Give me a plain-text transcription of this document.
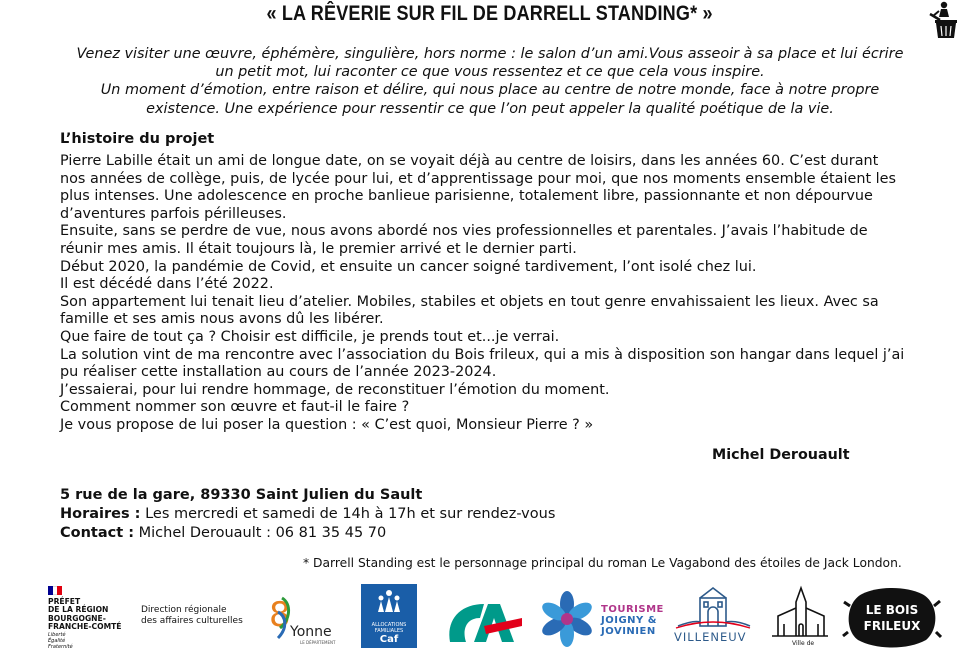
« LA RÊVERIE SUR FIL DE DARRELL STANDING* »
Venez visiter une œuvre, éphémère, singulière, hors norme : le salon d’un ami.Vous asseoir à sa place et lui écrire
un petit mot, lui raconter ce que vous ressentez et ce que cela vous inspire.
Un moment d’émotion, entre raison et délire, qui nous place au centre de notre monde, face à notre propre
existence. Une expérience pour ressentir ce que l’on peut appeler la qualité poétique de la vie.
L’histoire du projet

Pierre Labille était un ami de longue date, on se voyait déjà au centre de loisirs, dans les années 60. C’est durant

nos années de collège, puis, de lycée pour lui, et d’apprentissage pour moi, que nos moments ensemble étaient les

plus intenses. Une adolescence en proche banlieue parisienne, totalement libre, passionnante et non dépourvue

d’aventures parfois périlleuses.

Ensuite, sans se perdre de vue, nous avons abordé nos vies professionnelles et parentales. J’avais l’habitude de

réunir mes amis. Il était toujours là, le premier arrivé et le dernier parti.

Début 2020, la pandémie de Covid, et ensuite un cancer soigné tardivement, l’ont isolé chez lui.

Il est décédé dans l’été 2022.

Son appartement lui tenait lieu d’atelier. Mobiles, stabiles et objets en tout genre envahissaient les lieux. Avec sa

famille et ses amis nous avons dû les libérer.

Que faire de tout ça ? Choisir est difficile, je prends tout et...je verrai.

La solution vint de ma rencontre avec l’association du Bois frileux, qui a mis à disposition son hangar dans lequel j’ai

pu réaliser cette installation au cours de l’année 2023-2024.

J’essaierai, pour lui rendre hommage, de reconstituer l’émotion du moment.

Comment nommer son œuvre et faut-il le faire ?

Je vous propose de lui poser la question : « C’est quoi, Monsieur Pierre ? »

Michel Derouault

5 rue de la gare, 89330 Saint Julien du Sault

Horaires : Les mercredi et samedi de 14h à 17h et sur rendez-vous

Contact : Michel Derouault : 06 81 35 45 70

* Darrell Standing est le personnage principal du roman Le Vagabond des étoiles de Jack London.
PRÉFET
DE LA RÉGION
BOURGOGNE-
FRANCHE-COMTÉ
Liberté
Égalité
Fraternité
Direction régionale
des affaires culturelles 8 Yonne
LE DÉPARTEMENT
ALLOCATIONS
FAMILIALES
Caf
TOURISME
JOIGNY &
JOVINIEN	VILLENEUV	Ville de
LE BOIS
FRILEUX
